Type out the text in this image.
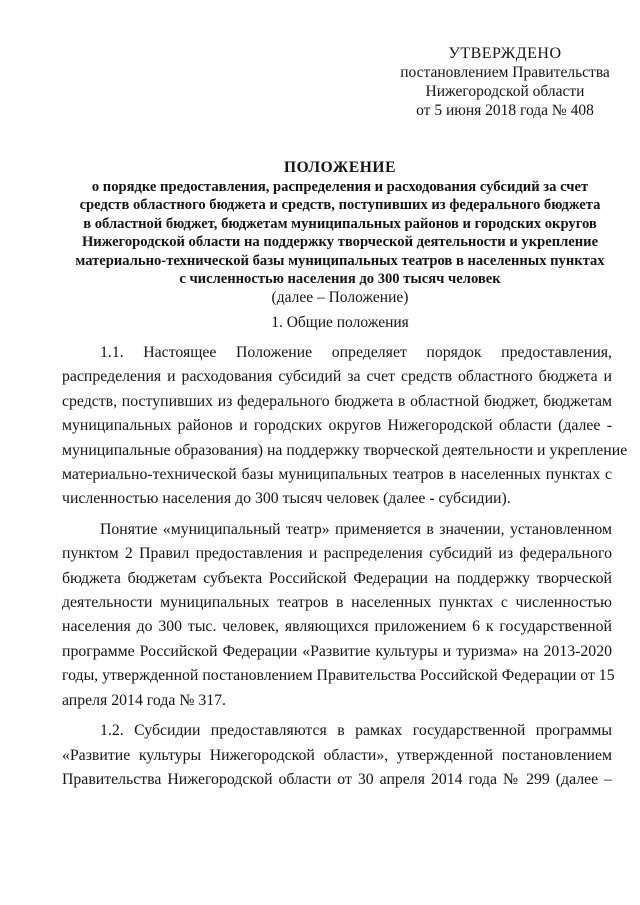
УТВЕРЖДЕНО
постановлением Правительства
Нижегородской области
от 5 июня 2018 года № 408
ПОЛОЖЕНИЕ
о порядке предоставления, распределения и расходования субсидий за счет
средств областного бюджета и средств, поступивших из федерального бюджета
в областной бюджет, бюджетам муниципальных районов и городских округов
Нижегородской области на поддержку творческой деятельности и укрепление
материально-технической базы муниципальных театров в населенных пунктах
с численностью населения до 300 тысяч человек
(далее – Положение)
1. Общие положения
1.1. Настоящее Положение определяет порядок предоставления,
распределения и расходования субсидий за счет средств областного бюджета и
средств, поступивших из федерального бюджета в областной бюджет, бюджетам
муниципальных районов и городских округов Нижегородской области (далее -
муниципальные образования) на поддержку творческой деятельности и укрепление
материально-технической базы муниципальных театров в населенных пунктах с
численностью населения до 300 тысяч человек (далее - субсидии).
Понятие «муниципальный театр» применяется в значении, установленном
пунктом 2 Правил предоставления и распределения субсидий из федерального
бюджета бюджетам субъекта Российской Федерации на поддержку творческой
деятельности муниципальных театров в населенных пунктах с численностью
населения до 300 тыс. человек, являющихся приложением 6 к государственной
программе Российской Федерации «Развитие культуры и туризма» на 2013-2020
годы, утвержденной постановлением Правительства Российской Федерации от 15
апреля 2014 года № 317.
1.2. Субсидии предоставляются в рамках государственной программы
«Развитие культуры Нижегородской области», утвержденной постановлением
Правительства Нижегородской области от 30 апреля 2014 года № 299 (далее –
